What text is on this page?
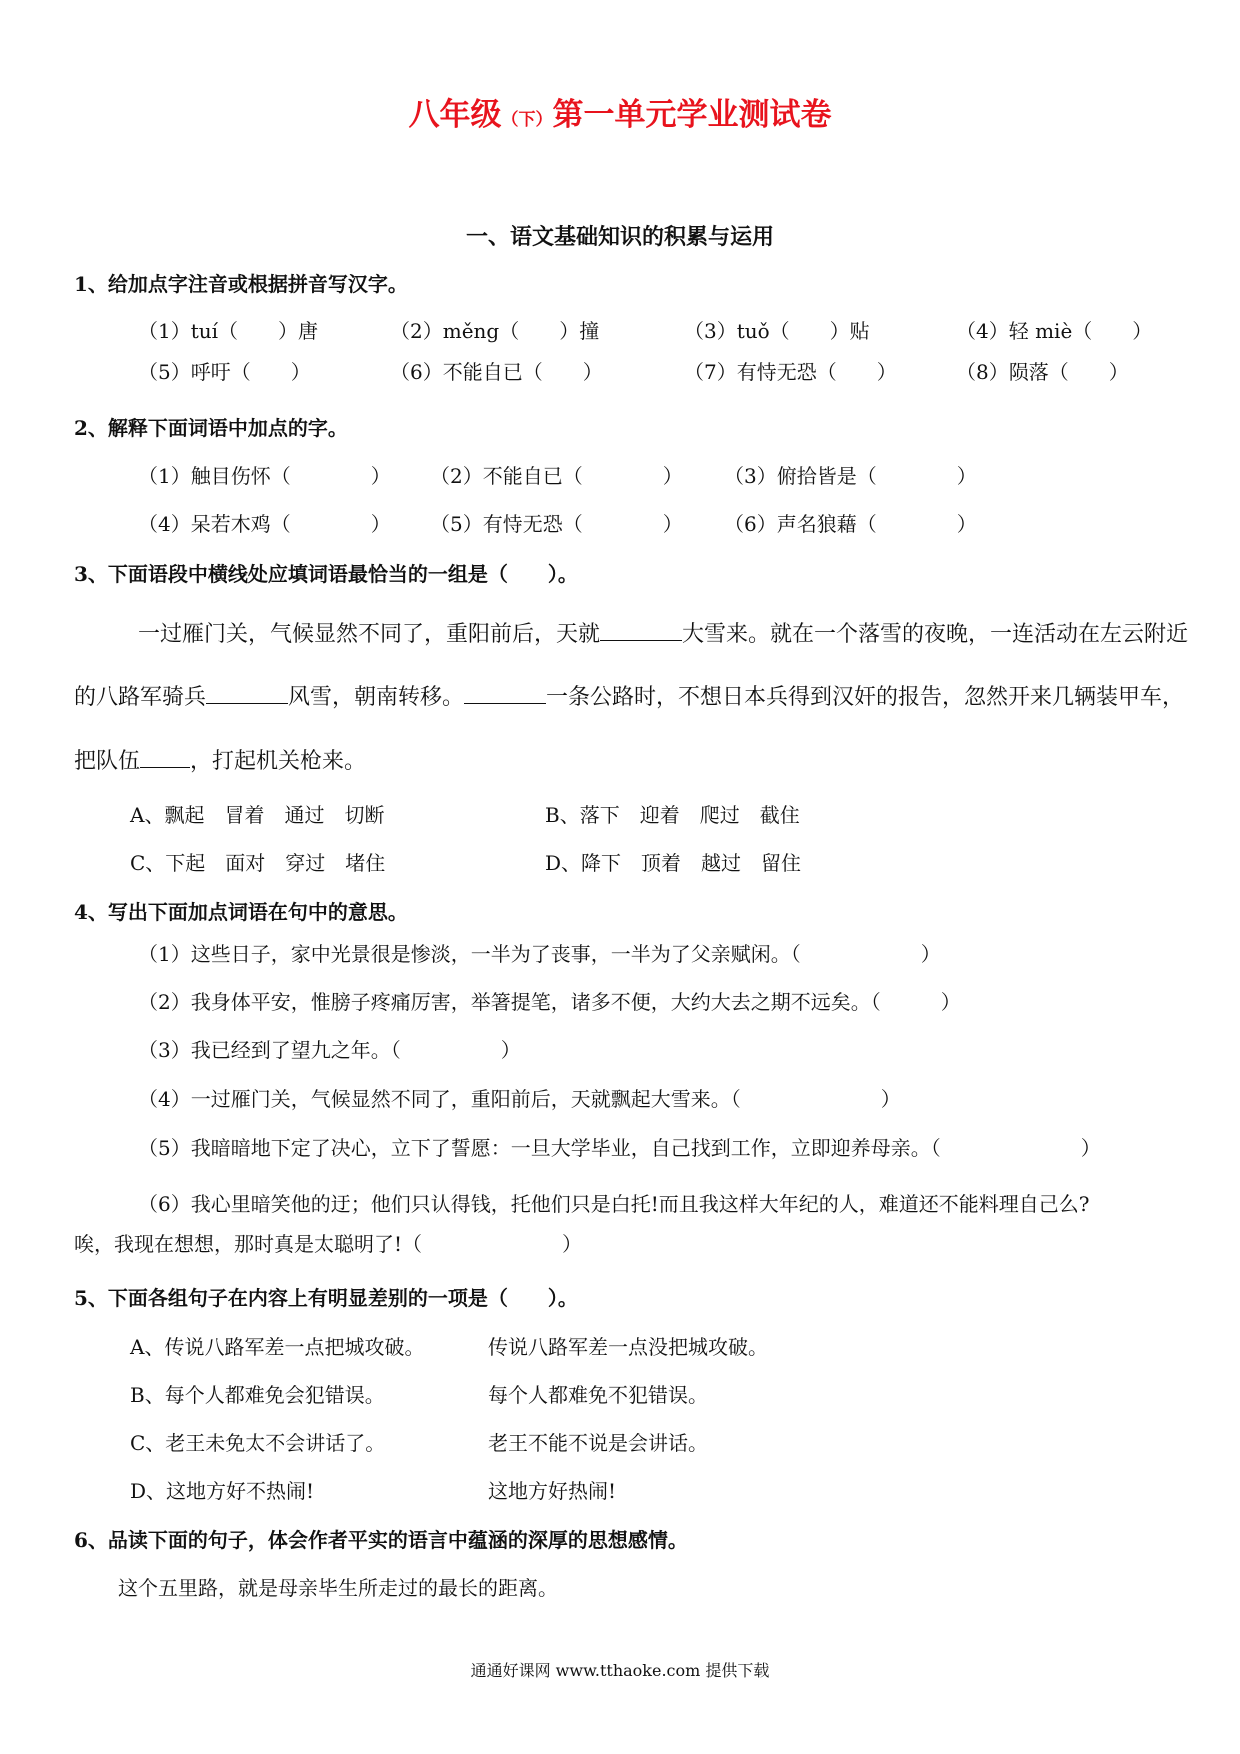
八年级（下）第一单元学业测试卷
一、语文基础知识的积累与运用
1、给加点字注音或根据拼音写汉字。
（1）tuí（　　）唐	（2）měng（　　）撞	（3）tuǒ（　　）贴	（4）轻 miè（　　）
（5）呼吁（　　）	（6）不能自已（　　）	（7）有恃无恐（　　）	（8）陨落（　　）
2、解释下面词语中加点的字。
（1）触目伤怀（　　　　） （2）不能自已（　　　　） （3）俯拾皆是（　　　　）
（4）呆若木鸡（　　　　） （5）有恃无恐（　　　　） （6）声名狼藉（　　　　）
3、下面语段中横线处应填词语最恰当的一组是（　　）。
一过雁门关，气候显然不同了，重阳前后，天就	大雪来。就在一个落雪的夜晚，一连活动在左云附近
的八路军骑兵	风雪，朝南转移。	一条公路时，不想日本兵得到汉奸的报告，忽然开来几辆装甲车，
把队伍 ，打起机关枪来。
A、飘起　冒着　通过　切断	B、落下　迎着　爬过　截住
C、下起　面对　穿过　堵住	D、降下　顶着　越过　留住
4、写出下面加点词语在句中的意思。
（1）这些日子，家中光景很是惨淡，一半为了丧事，一半为了父亲赋闲。（　　　　　　）
（2）我身体平安，惟膀子疼痛厉害，举箸提笔，诸多不便，大约大去之期不远矣。（　　　）
（3）我已经到了望九之年。（　　　　　）
（4）一过雁门关，气候显然不同了，重阳前后，天就飘起大雪来。（　　　　　　　）
（5）我暗暗地下定了决心，立下了誓愿：一旦大学毕业，自己找到工作，立即迎养母亲。（　　　　　　　）
（6）我心里暗笑他的迂；他们只认得钱，托他们只是白托!而且我这样大年纪的人，难道还不能料理自己么?
唉，我现在想想，那时真是太聪明了!（　　　　　　　）
5、下面各组句子在内容上有明显差别的一项是（　　）。
A、传说八路军差一点把城攻破。	传说八路军差一点没把城攻破。
B、每个人都难免会犯错误。	每个人都难免不犯错误。
C、老王未免太不会讲话了。	老王不能不说是会讲话。
D、这地方好不热闹!	这地方好热闹!
6、品读下面的句子，体会作者平实的语言中蕴涵的深厚的思想感情。
这个五里路，就是母亲毕生所走过的最长的距离。
通通好课网 www.tthaoke.com 提供下载
